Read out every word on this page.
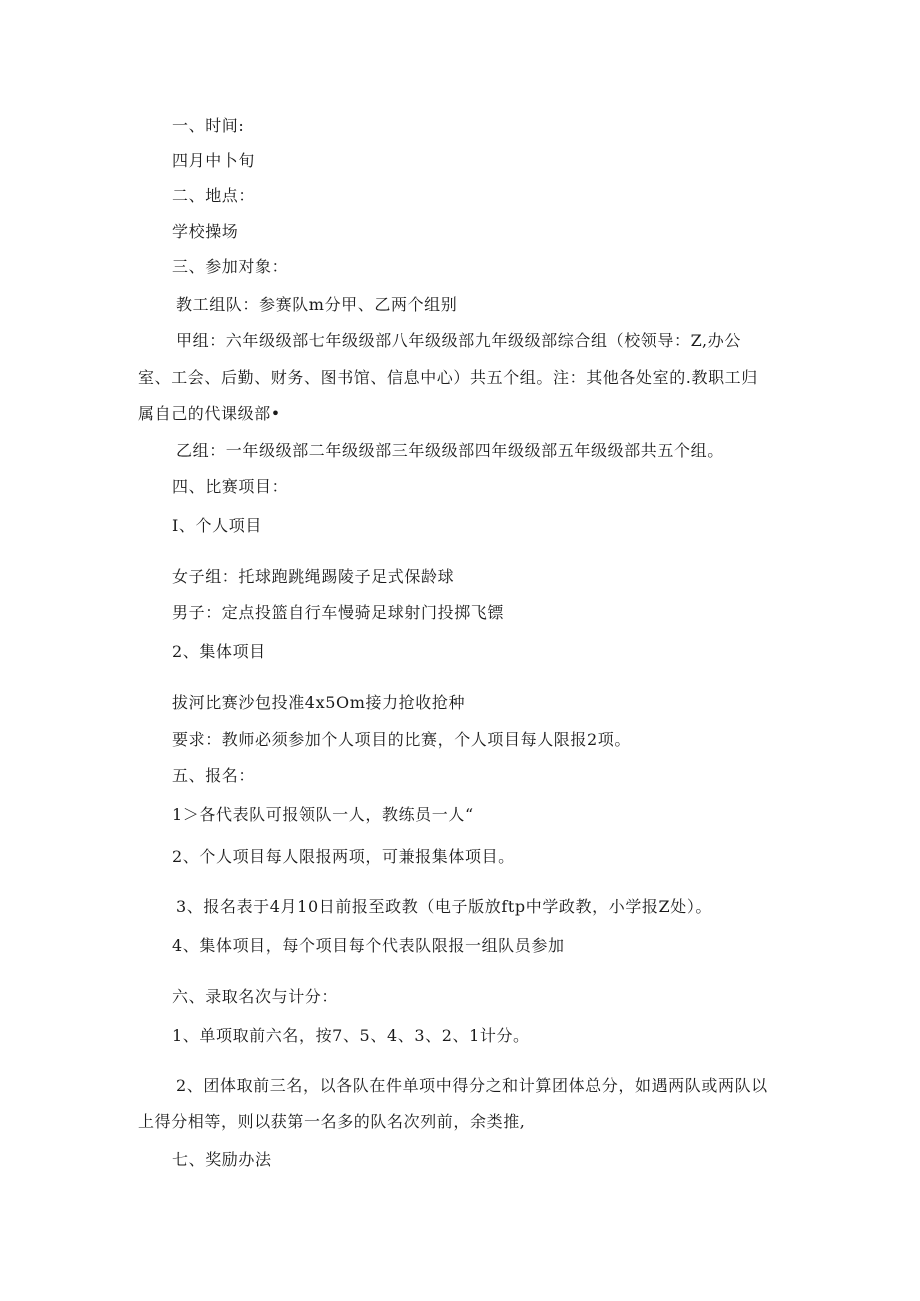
一、时间:

四月中卜旬

二、地点：

学校操场

三、参加对象：

教工组队：参赛队m分甲、乙两个组别

甲组：六年级级部七年级级部八年级级部九年级级部综合组（校领导：Z,办公

室、工会、后勤、财务、图书馆、信息中心）共五个组。注：其他各处室的.教职工归

属自己的代课级部•

乙组：一年级级部二年级级部三年级级部四年级级部五年级级部共五个组。

四、比赛项目：

I、个人项目

女子组：托球跑跳绳踢陵子足式保龄球

男子：定点投篮自行车慢骑足球射门投掷飞镖

2、集体项目

拔河比赛沙包投准4x5Om接力抢收抢种

要求：教师必须参加个人项目的比赛，个人项目每人限报2项。

五、报名：

1＞各代表队可报领队一人，教练员一人“

2、个人项目每人限报两项，可兼报集体项目。

3、报名表于4月10日前报至政教（电子版放ftp中学政教，小学报Z处）。

4、集体项目，每个项目每个代表队限报一组队员参加

六、录取名次与计分：

1、单项取前六名，按7、5、4、3、2、1计分。

2、团体取前三名，以各队在件单项中得分之和计算团体总分，如遇两队或两队以

上得分相等，则以获第一名多的队名次列前，余类推,

七、奖励办法
